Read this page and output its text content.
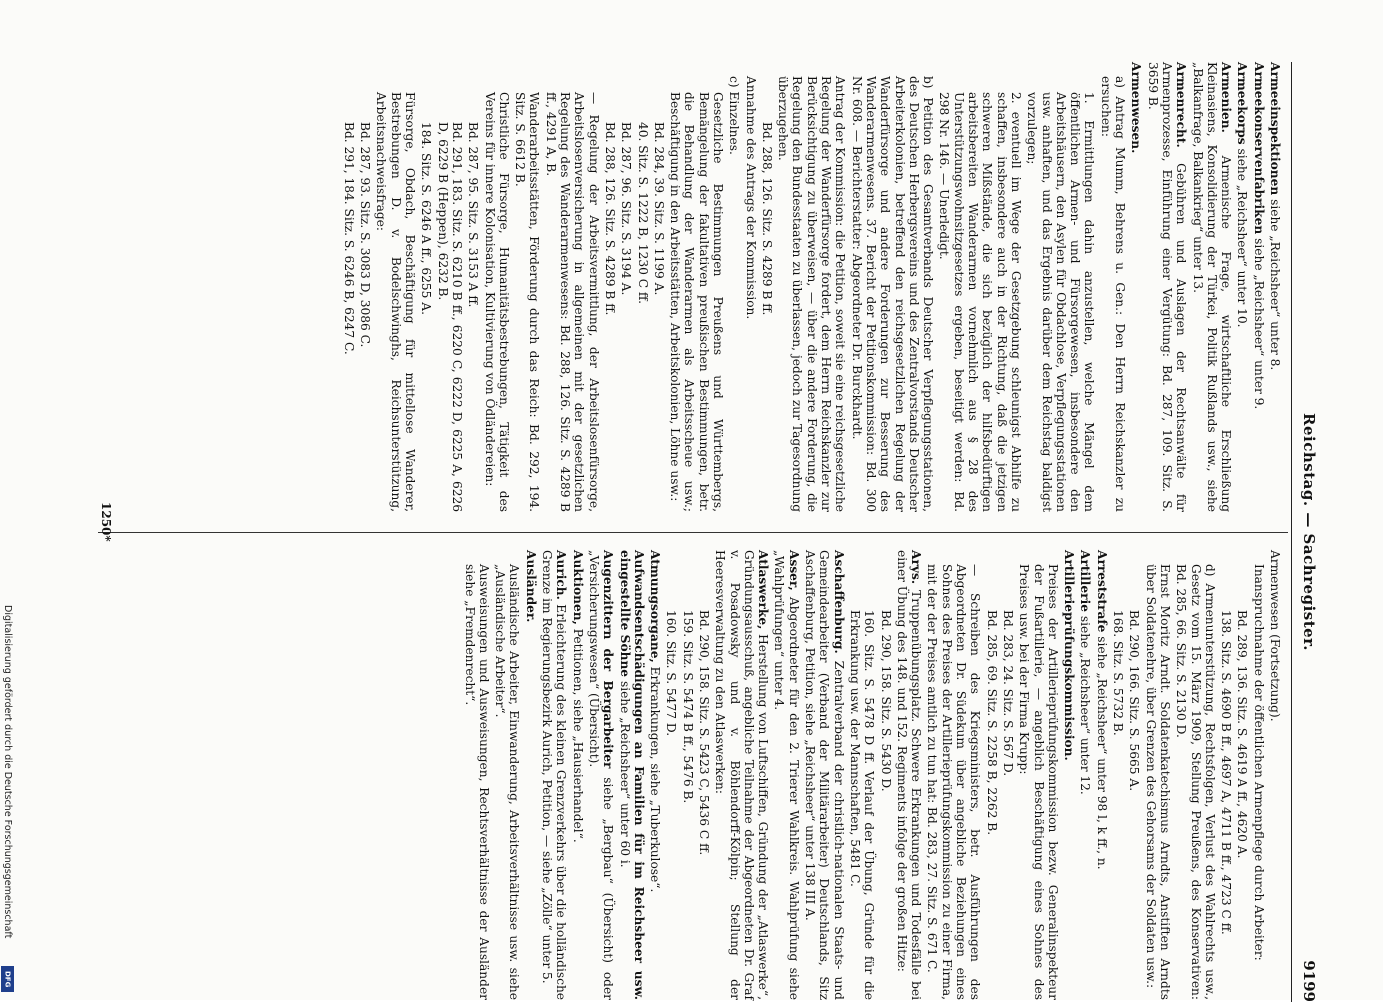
Reichstag. — Sachregister.
9199
Armeeinspektionen siehe „Reichsheer“ unter 8.
Armeekonservenfabriken siehe „Reichsheer“ unter 9.
Armeekorps siehe „Reichsheer“ unter 10.
Armenien. Armenische Frage, wirtschaftliche Erschließung Kleinasiens, Konsolidierung der Türkei, Politik Rußlands usw., siehe „Balkanfrage, Balkankrieg“ unter 13.
Armenrecht. Gebühren und Auslagen der Rechtsanwälte für Armenprozesse, Einführung einer Vergütung: Bd. 287, 109. Sitz. S. 3659 B.
Armenwesen.
a) Antrag Mumm, Behrens u. Gen.: Den Herrn Reichskanzler zu ersuchen:
1. Ermittlungen dahin anzustellen, welche Mängel dem öffentlichen Armen- und Fürsorgewesen, insbesondere den Arbeitshäusern, den Asylen für Obdachlose, Verpflegungsstationen usw. anhaften, und das Ergebnis darüber dem Reichstag baldigst vorzulegen;
2. eventuell im Wege der Gesetzgebung schleunigst Abhilfe zu schaffen, insbesondere auch in der Richtung, daß die jetzigen schweren Mißstände, die sich bezüglich der hilfsbedürftigen arbeitsbereiten Wanderarmen vornehmlich aus § 28 des Unterstützungswohnsitzgesetzes ergeben, beseitigt werden: Bd. 298 Nr. 146. — Unerledigt.
b) Petition des Gesamtverbands Deutscher Verpflegungsstationen, des Deutschen Herbergsvereins und des Zentralvorstands Deutscher Arbeiterkolonien, betreffend den reichsgesetzlichen Regelung der Wanderfürsorge und andere Forderungen zur Besserung des Wanderarmenwesens. 37. Bericht der Petitionskommission: Bd. 300 Nr. 608. — Berichterstatter: Abgeordneter Dr. Burckhardt.
Antrag der Kommission: die Petition, soweit sie eine reichsgesetzliche Regelung der Wanderfürsorge fordert, dem Herrn Reichskanzler zur Berücksichtigung zu überweisen, — über die andere Forderung, die Regelung den Bundesstaaten zu überlassen, jedoch zur Tagesordnung überzugehen.
Bd. 288, 126. Sitz. S. 4289 B ff.
Annahme des Antrags der Kommission.
c) Einzelnes.
Gesetzliche Bestimmungen Preußens und Württembergs, Bemängelung der fakultativen preußischen Bestimmungen, betr. die Behandlung der Wanderarmen als Arbeitsscheue usw.; Beschäftigung in den Arbeitsstätten, Arbeitskolonien, Löhne usw.:
Bd. 284, 39. Sitz. S. 1199 A.
40. Sitz. S. 1222 B, 1230 C ff.
Bd. 287, 96. Sitz. S. 3194 A.
Bd. 288, 126. Sitz. S. 4289 B ff.
— Regelung der Arbeitsvermittlung, der Arbeitslosenfürsorge, Arbeitslosenversicherung in allgemeinen mit der gesetzlichen Regelung des Wanderarmenwesens: Bd. 288, 126. Sitz. S. 4289 B ff., 4291 A, B.
Wanderarbeitsstätten, Förderung durch das Reich: Bd. 292, 194. Sitz. S. 6612 B.
Christliche Fürsorge, Humanitätsbestrebungen, Tätigkeit des Vereins für innere Kolonisation, Kultivierung von Ödländereien:
Bd. 287, 95. Sitz. S. 3153 A ff.
Bd. 291, 183. Sitz. S. 6210 B ff., 6220 C, 6222 D, 6225 A, 6226 D, 6229 B (Heppen), 6232 B.
184. Sitz. S. 6246 A ff., 6255 A.
Fürsorge, Obdach, Beschäftigung für mittellose Wanderer, Bestrebungen D. v. Bodelschwinghs, Reichsunterstützung, Arbeitsnachweisfrage:
Bd. 287, 93. Sitz. S. 3083 D, 3086 C.
Bd. 291, 184. Sitz. S. 6246 B, 6247 C.
Armenwesen (Fortsetzung).
Inanspruchnahme der öffentlichen Armenpflege durch Arbeiter:
Bd. 289, 136. Sitz. S. 4619 A ff., 4620 A.
138. Sitz. S. 4690 B ff., 4697 A, 4711 B ff., 4723 C ff.
d) Armenunterstützung, Rechtsfolgen, Verlust des Wahlrechts usw., Gesetz vom 15. März 1909, Stellung Preußens, des Konservativen: Bd. 285, 66. Sitz. S. 2130 D.
Ernst Moritz Arndt. Soldatenkatechismus Arndts, Anstiften Arndts über Soldatenehre, über Grenzen des Gehorsams der Soldaten usw.:
Bd. 290, 166. Sitz. S. 5665 A.
168. Sitz. S. 5732 B.
Arreststrafe siehe „Reichsheer“ unter 98 l, k ff., n.
Artillerie siehe „Reichsheer“ unter 12.
Artillerieprüfungskommission.
Preises der Artillerieprüfungskommission bezw. Generalinspekteur der Fußartillerie, — angeblich Beschäftigung eines Sohnes des Preises usw. bei der Firma Krupp:
Bd. 283, 24. Sitz. S. 567 D.
Bd. 285, 69. Sitz. S. 2258 B, 2262 B.
— Schreiben des Kriegsministers, betr. Ausführungen des Abgeordneten Dr. Südekum über angebliche Beziehungen eines Sohnes des Preises der Artillerieprüfungskommission zu einer Firma, mit der der Preises amtlich zu tun hat: Bd. 283, 27. Sitz. S. 671 C.
Arys. Truppenübungsplatz. Schwere Erkrankungen und Todesfälle bei einer Übung des 148. und 152. Regiments infolge der großen Hitze:
Bd. 290, 158. Sitz. S. 5430 D.
160. Sitz. S. 5478 D ff. Verlauf der Übung, Gründe für die Erkrankung usw. der Mannschaften, 5481 C.
Aschaffenburg. Zentralverband der christlich-nationalen Staats- und Gemeindearbeiter (Verband der Militärarbeiter) Deutschlands, Sitz Aschaffenburg, Petition, siehe „Reichsheer“ unter 138 III A.
Asser, Abgeordneter für den 2. Trierer Wahlkreis. Wahlprüfung siehe „Wahlprüfungen“ unter 4.
Atlaswerke, Herstellung von Luftschiffen, Gründung der „Atlaswerke“, Gründungsausschuß, angebliche Teilnahme der Abgeordneten Dr. Graf v. Posadowsky und v. Böhlendorff-Kölpin; Stellung der Heeresverwaltung zu den Atlaswerken:
Bd. 290, 158. Sitz. S. 5423 C, 5436 C ff.
159. Sitz. S. 5474 B ff., 5476 B.
160. Sitz. S. 5477 D.
Atmungsorgane, Erkrankungen, siehe „Tuberkulose“.
Aufwandsentschädigungen an Familien für im Reichsheer usw. eingestellte Söhne siehe „Reichsheer“ unter 60 i.
Augenzittern der Bergarbeiter siehe „Bergbau“ (Übersicht) oder „Versicherungswesen“ (Übersicht).
Auktionen, Petitionen, siehe „Hausierhandel“.
Aurich. Erleichterung des kleinen Grenzverkehrs über die holländische Grenze im Regierungsbezirk Aurich, Petition, — siehe „Zölle“ unter 5.
Ausländer.
Ausländische Arbeiter, Einwanderung, Arbeitsverhältnisse usw. siehe „Ausländische Arbeiter“.
Ausweisungen und Ausweisungen, Rechtsverhältnisse der Ausländer siehe „Fremdenrecht“.
1250*
Digitalisierung gefördert durch die Deutsche Forschungsgemeinschaft
DFG
